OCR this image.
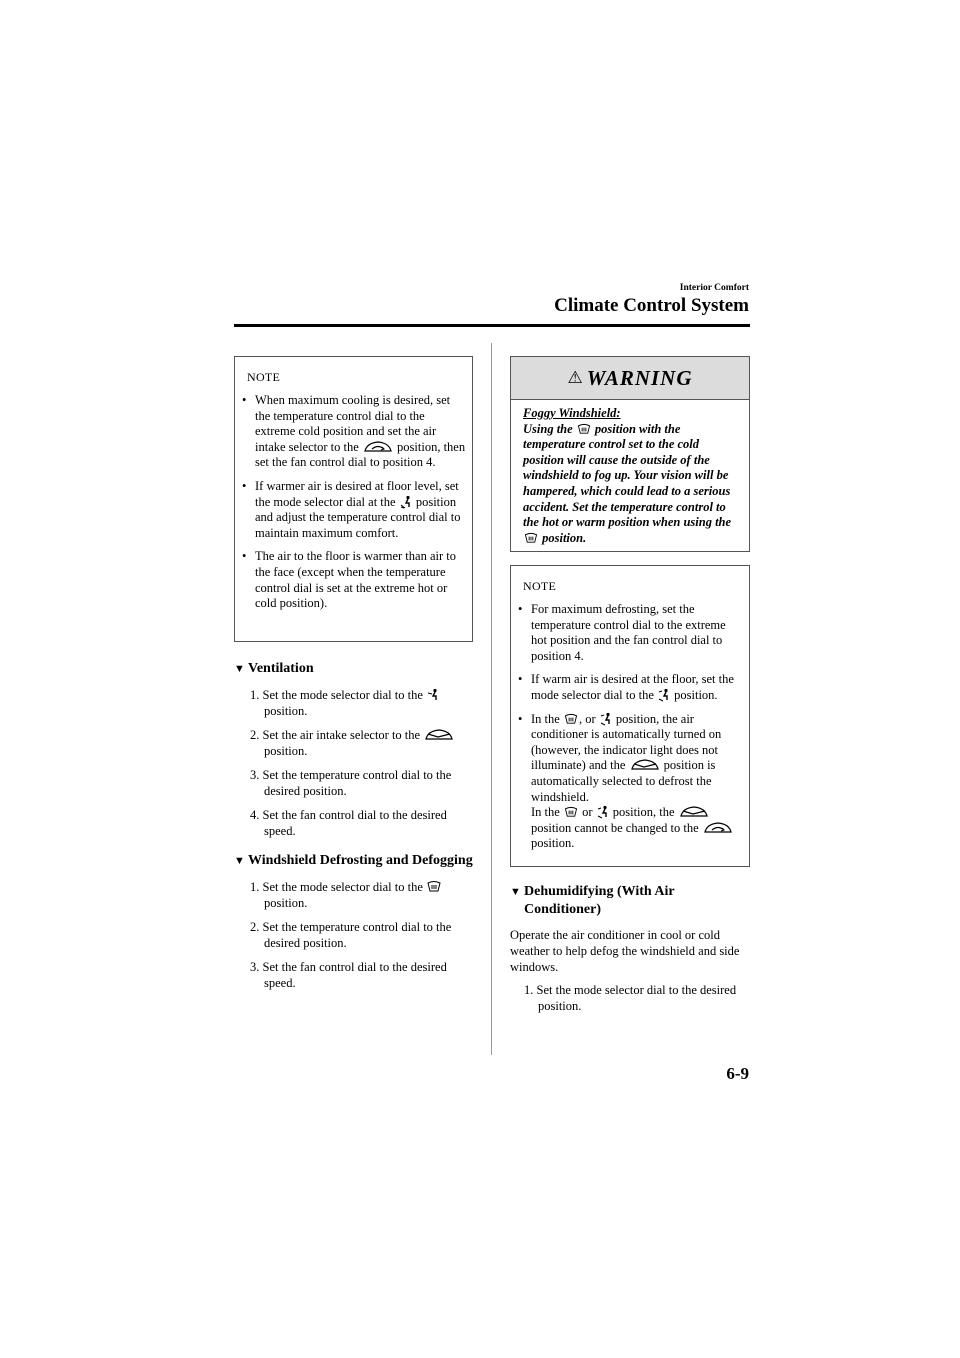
Interior Comfort
Climate Control System
NOTE
• When maximum cooling is desired, set the temperature control dial to the extreme cold position and set the air intake selector to the	position, then set the fan control dial to position 4.
• If warmer air is desired at floor level, set the mode selector dial at the position and adjust the temperature control dial to maintain maximum comfort.
• The air to the floor is warmer than air to the face (except when the temperature control dial is set at the extreme hot or cold position).
▼ Ventilation
1. Set the mode selector dial to the  position.
2. Set the air intake selector to the  position.
3. Set the temperature control dial to the desired position.
4. Set the fan control dial to the desired speed.
▼ Windshield Defrosting and Defogging
1. Set the mode selector dial to the  position.
2. Set the temperature control dial to the desired position.
3. Set the fan control dial to the desired speed.
⚠ WARNING
Foggy Windshield:
Using the position with the temperature control set to the cold position will cause the outside of the windshield to fog up. Your vision will be hampered, which could lead to a serious accident. Set the temperature control to the hot or warm position when using the  position.
NOTE
• For maximum defrosting, set the temperature control dial to the extreme hot position and the fan control dial to position 4.
• If warm air is desired at the floor, set the mode selector dial to the position.
• In the , or position, the air conditioner is automatically turned on (however, the indicator light does not illuminate) and the	position is automatically selected to defrost the windshield.
In the or position, the  position cannot be changed to the  position.
▼ Dehumidifying (With Air
Conditioner)
Operate the air conditioner in cool or cold weather to help defog the windshield and side windows.
1. Set the mode selector dial to the desired position.
6-9
